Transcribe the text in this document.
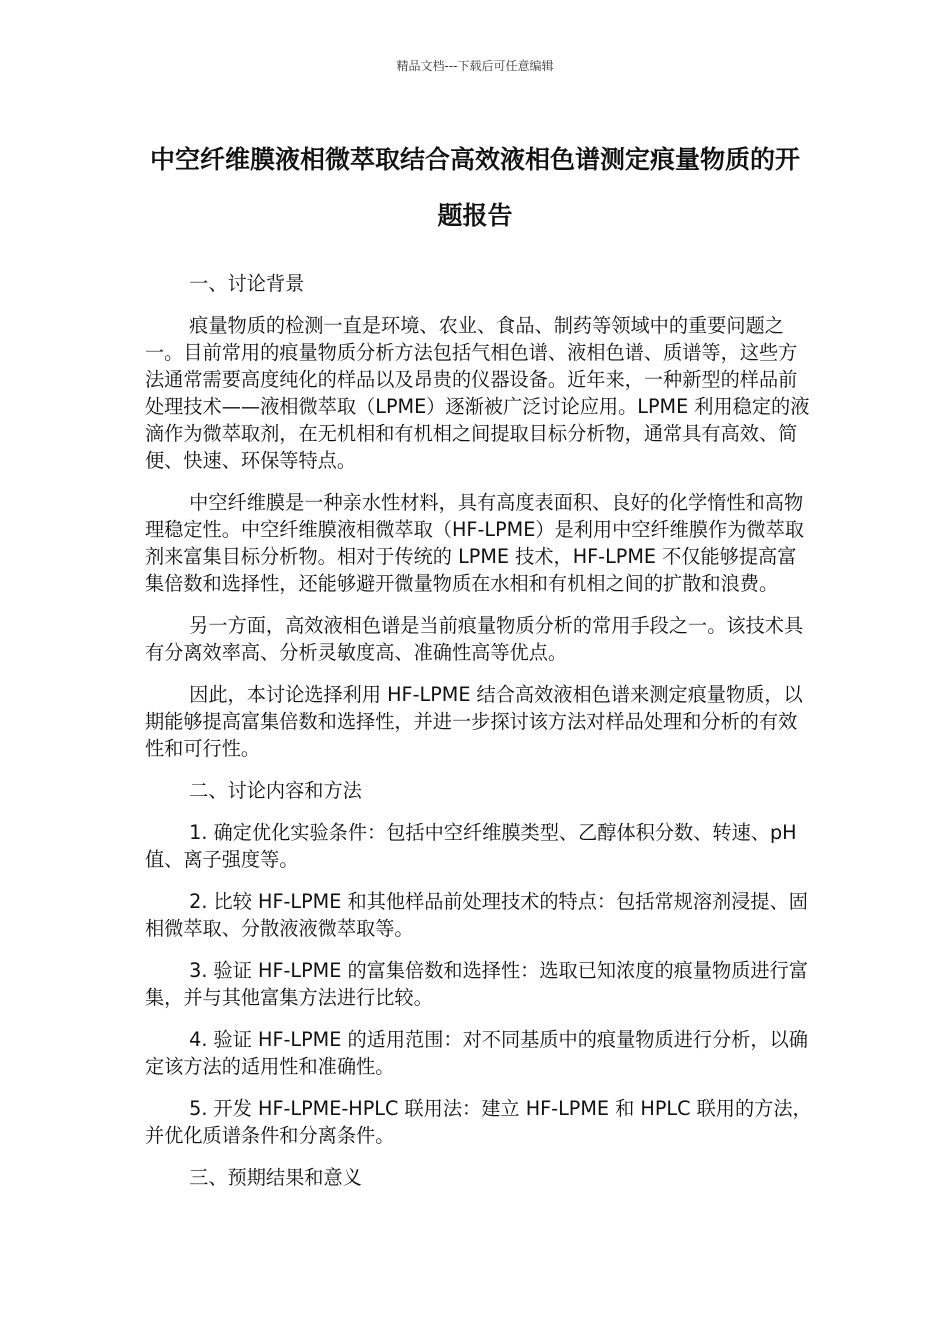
精品文档---下载后可任意编辑
中空纤维膜液相微萃取结合高效液相色谱测定痕量物质的开题报告

一、讨论背景

痕量物质的检测一直是环境、农业、食品、制药等领域中的重要问题之一。目前常用的痕量物质分析方法包括气相色谱、液相色谱、质谱等，这些方法通常需要高度纯化的样品以及昂贵的仪器设备。近年来，一种新型的样品前处理技术——液相微萃取（LPME）逐渐被广泛讨论应用。LPME 利用稳定的液滴作为微萃取剂，在无机相和有机相之间提取目标分析物，通常具有高效、简便、快速、环保等特点。

中空纤维膜是一种亲水性材料，具有高度表面积、良好的化学惰性和高物理稳定性。中空纤维膜液相微萃取（HF-LPME）是利用中空纤维膜作为微萃取剂来富集目标分析物。相对于传统的 LPME 技术，HF-LPME 不仅能够提高富集倍数和选择性，还能够避开微量物质在水相和有机相之间的扩散和浪费。

另一方面，高效液相色谱是当前痕量物质分析的常用手段之一。该技术具有分离效率高、分析灵敏度高、准确性高等优点。

因此，本讨论选择利用 HF-LPME 结合高效液相色谱来测定痕量物质，以期能够提高富集倍数和选择性，并进一步探讨该方法对样品处理和分析的有效性和可行性。

二、讨论内容和方法

1. 确定优化实验条件：包括中空纤维膜类型、乙醇体积分数、转速、pH 值、离子强度等。

2. 比较 HF-LPME 和其他样品前处理技术的特点：包括常规溶剂浸提、固相微萃取、分散液液微萃取等。

3. 验证 HF-LPME 的富集倍数和选择性：选取已知浓度的痕量物质进行富集，并与其他富集方法进行比较。

4. 验证 HF-LPME 的适用范围：对不同基质中的痕量物质进行分析，以确定该方法的适用性和准确性。

5. 开发 HF-LPME-HPLC 联用法：建立 HF-LPME 和 HPLC 联用的方法，并优化质谱条件和分离条件。

三、预期结果和意义
